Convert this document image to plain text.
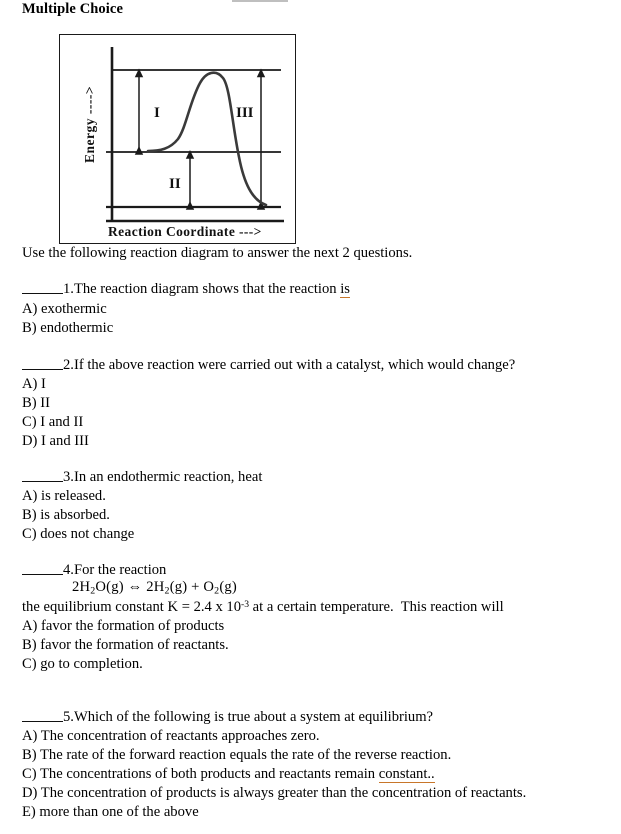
Multiple Choice
I
II
III
Energy ---->
Reaction Coordinate --->
Use the following reaction diagram to answer the next 2 questions.
1.The reaction diagram shows that the reaction is
A) exothermic
B) endothermic
2.If the above reaction were carried out with a catalyst, which would change?
A) I
B) II
C) I and II
D) I and III
3.In an endothermic reaction, heat
A) is released.
B) is absorbed.
C) does not change
4.For the reaction
$2H_2O(g)$ ⇔ $2H_2(g) + O_2(g)$
the equilibrium constant K = 2.4 x $10^{-3}$ at a certain temperature.  This reaction will
A) favor the formation of products
B) favor the formation of reactants.
C) go to completion.
5.Which of the following is true about a system at equilibrium?
A) The concentration of reactants approaches zero.
B) The rate of the forward reaction equals the rate of the reverse reaction.
C) The concentrations of both products and reactants remain constant..
D) The concentration of products is always greater than the concentration of reactants.
E) more than one of the above
